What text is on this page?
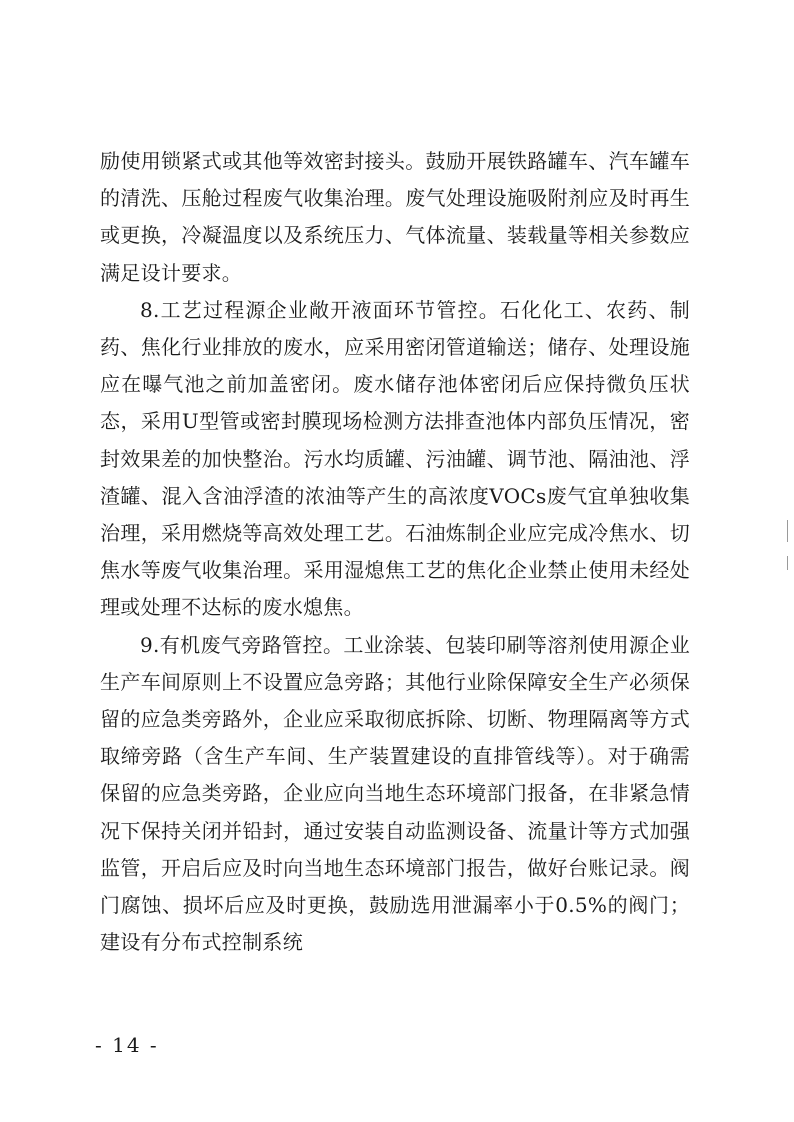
励使用锁紧式或其他等效密封接头。鼓励开展铁路罐车、汽车罐车的清洗、压舱过程废气收集治理。废气处理设施吸附剂应及时再生或更换，冷凝温度以及系统压力、气体流量、装载量等相关参数应满足设计要求。

8.工艺过程源企业敞开液面环节管控。石化化工、农药、制药、焦化行业排放的废水，应采用密闭管道输送；储存、处理设施应在曝气池之前加盖密闭。废水储存池体密闭后应保持微负压状态，采用U型管或密封膜现场检测方法排查池体内部负压情况，密封效果差的加快整治。污水均质罐、污油罐、调节池、隔油池、浮渣罐、混入含油浮渣的浓油等产生的高浓度VOCs废气宜单独收集治理，采用燃烧等高效处理工艺。石油炼制企业应完成冷焦水、切焦水等废气收集治理。采用湿熄焦工艺的焦化企业禁止使用未经处理或处理不达标的废水熄焦。

9.有机废气旁路管控。工业涂装、包装印刷等溶剂使用源企业生产车间原则上不设置应急旁路；其他行业除保障安全生产必须保留的应急类旁路外，企业应采取彻底拆除、切断、物理隔离等方式取缔旁路（含生产车间、生产装置建设的直排管线等）。对于确需保留的应急类旁路，企业应向当地生态环境部门报备，在非紧急情况下保持关闭并铅封，通过安装自动监测设备、流量计等方式加强监管，开启后应及时向当地生态环境部门报告，做好台账记录。阀门腐蚀、损坏后应及时更换，鼓励选用泄漏率小于0.5%的阀门；建设有分布式控制系统

- 14 -
